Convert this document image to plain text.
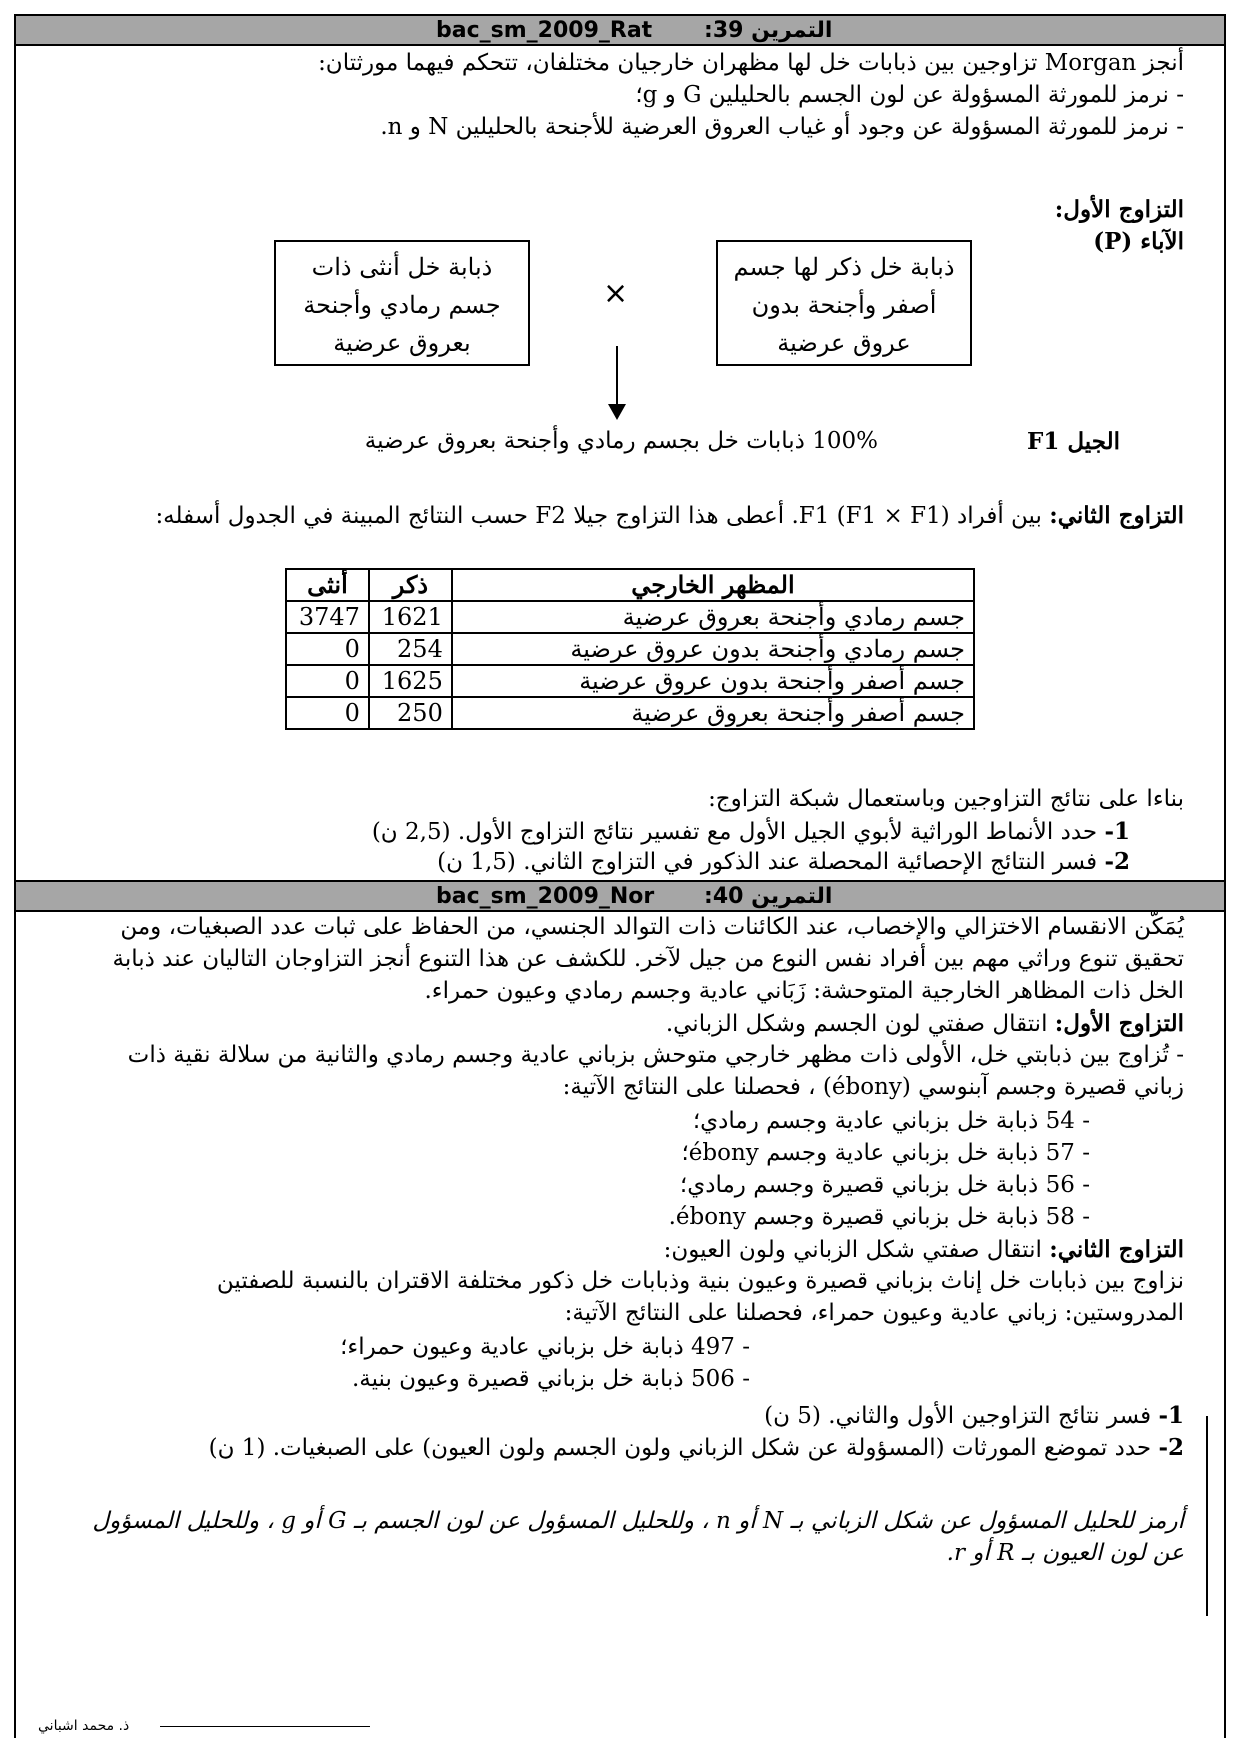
bac_sm_2009_Rat التمرين 39:
أنجز Morgan تزاوجين بين ذبابات خل لها مظهران خارجيان مختلفان، تتحكم فيهما مورثتان:
- نرمز للمورثة المسؤولة عن لون الجسم بالحليلين G و g؛
- نرمز للمورثة المسؤولة عن وجود أو غياب العروق العرضية للأجنحة بالحليلين N و n.
التزاوج الأول:
الآباء (P)
ذبابة خل ذكر لها جسم
أصفر وأجنحة بدون
عروق عرضية
×
ذبابة خل أنثى ذات
جسم رمادي وأجنحة
بعروق عرضية
الجيل F1
100% ذبابات خل بجسم رمادي وأجنحة بعروق عرضية
التزاوج الثاني: بين أفراد F1 (F1 × F1). أعطى هذا التزاوج جيلا F2 حسب النتائج المبينة في الجدول أسفله:
المظهر الخارجي	ذكر	أنثى
جسم رمادي وأجنحة بعروق عرضية	1621	3747
جسم رمادي وأجنحة بدون عروق عرضية	254	0
جسم أصفر وأجنحة بدون عروق عرضية	1625	0
جسم أصفر وأجنحة بعروق عرضية	250	0
بناءا على نتائج التزاوجين وباستعمال شبكة التزاوج:
1- حدد الأنماط الوراثية لأبوي الجيل الأول مع تفسير نتائج التزاوج الأول. (2,5 ن)
2- فسر النتائج الإحصائية المحصلة عند الذكور في التزاوج الثاني. (1,5 ن)
bac_sm_2009_Nor التمرين 40:
يُمَكّن الانقسام الاختزالي والإخصاب، عند الكائنات ذات التوالد الجنسي، من الحفاظ على ثبات عدد الصبغيات، ومن
تحقيق تنوع وراثي مهم بين أفراد نفس النوع من جيل لآخر. للكشف عن هذا التنوع أنجز التزاوجان التاليان عند ذبابة
الخل ذات المظاهر الخارجية المتوحشة: زَبَاني عادية وجسم رمادي وعيون حمراء.
التزاوج الأول: انتقال صفتي لون الجسم وشكل الزباني.
- تُزاوج بين ذبابتي خل، الأولى ذات مظهر خارجي متوحش بزباني عادية وجسم رمادي والثانية من سلالة نقية ذات
زباني قصيرة وجسم آبنوسي (ébony) ، فحصلنا على النتائج الآتية:
- 54 ذبابة خل بزباني عادية وجسم رمادي؛
- 57 ذبابة خل بزباني عادية وجسم ébony؛
- 56 ذبابة خل بزباني قصيرة وجسم رمادي؛
- 58 ذبابة خل بزباني قصيرة وجسم ébony.
التزاوج الثاني: انتقال صفتي شكل الزباني ولون العيون:
نزاوج بين ذبابات خل إناث بزباني قصيرة وعيون بنية وذبابات خل ذكور مختلفة الاقتران بالنسبة للصفتين
المدروستين: زباني عادية وعيون حمراء، فحصلنا على النتائج الآتية:
- 497 ذبابة خل بزباني عادية وعيون حمراء؛
- 506 ذبابة خل بزباني قصيرة وعيون بنية.
1- فسر نتائج التزاوجين الأول والثاني. (5 ن)
2- حدد تموضع المورثات (المسؤولة عن شكل الزباني ولون الجسم ولون العيون) على الصبغيات. (1 ن)
أرمز للحليل المسؤول عن شكل الزباني بـ N أو n ، وللحليل المسؤول عن لون الجسم بـ G أو g ، وللحليل المسؤول
عن لون العيون بـ R أو r.
ذ. محمد اشباني
